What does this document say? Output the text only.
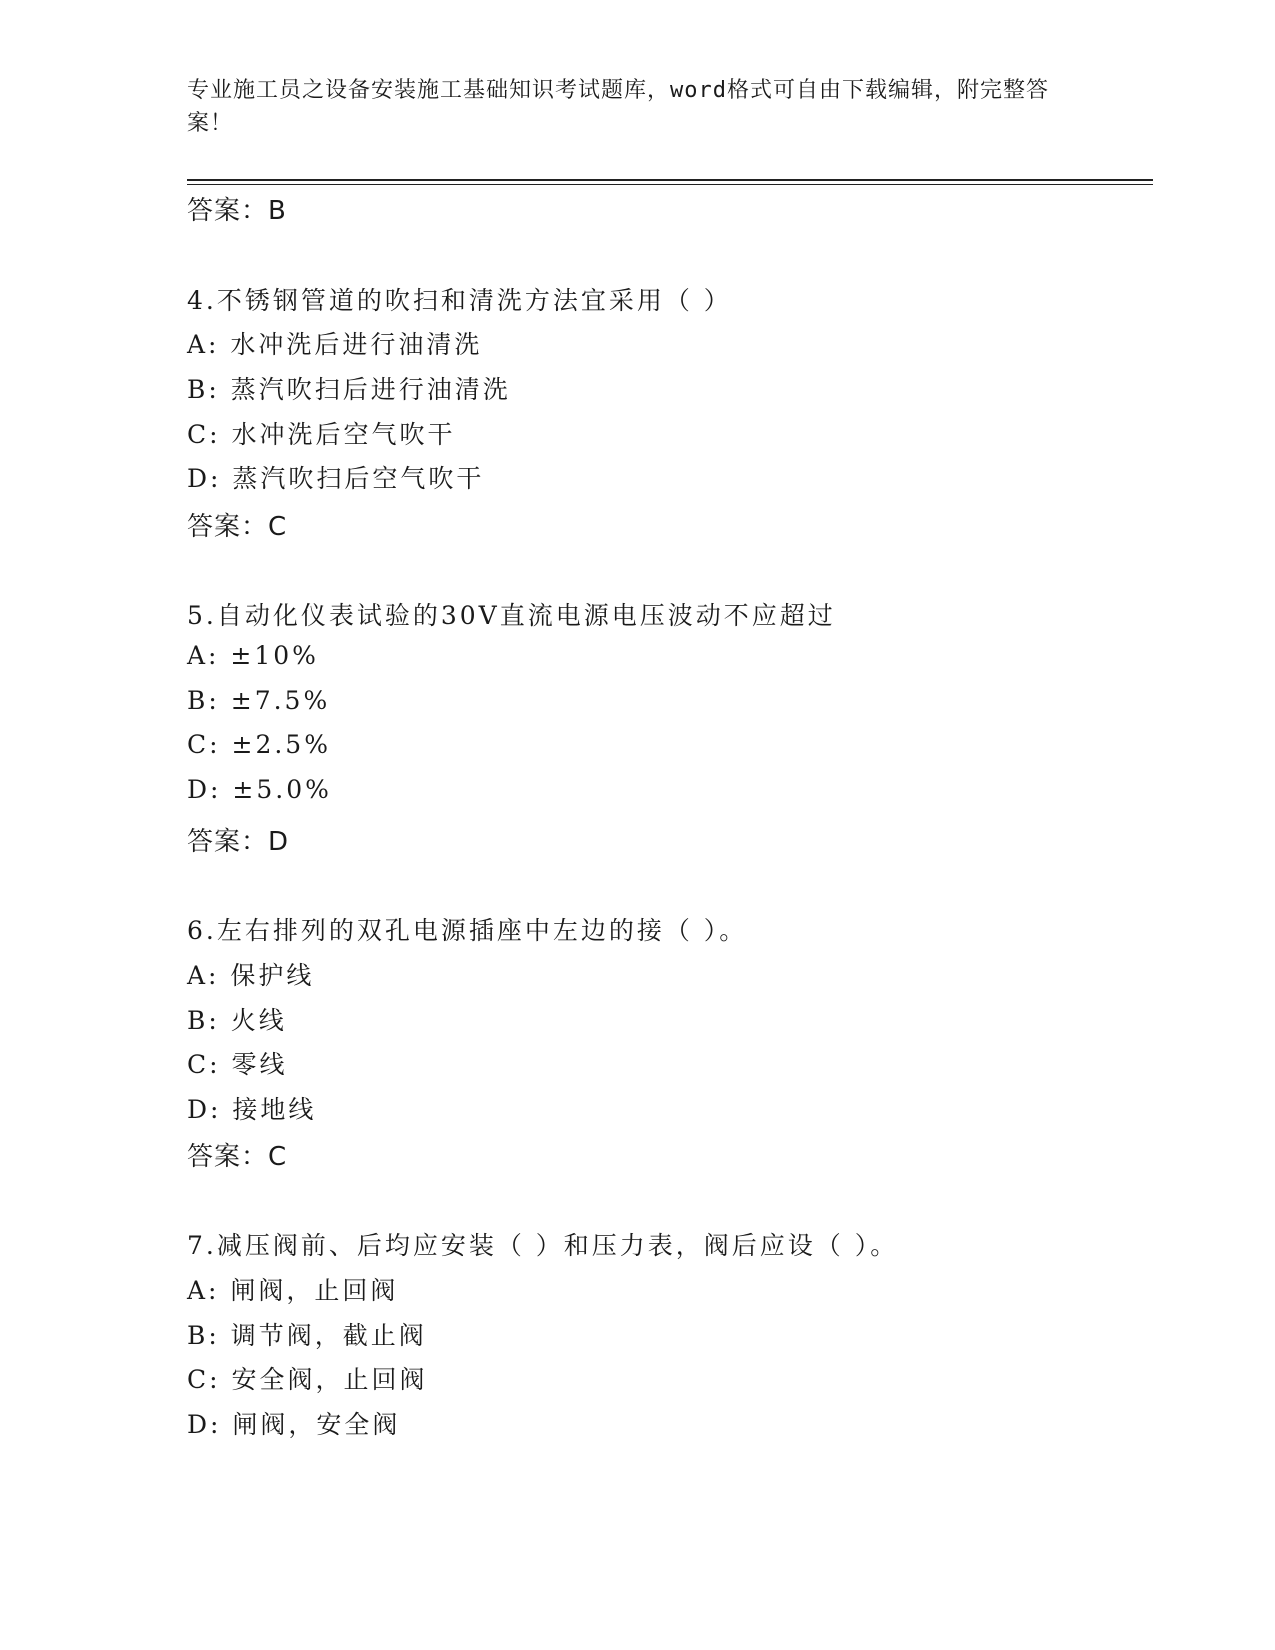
专业施工员之设备安装施工基础知识考试题库，word格式可自由下载编辑，附完整答案！
答案：B
4.不锈钢管道的吹扫和清洗方法宜采用（ ）
A: 水冲洗后进行油清洗
B: 蒸汽吹扫后进行油清洗
C: 水冲洗后空气吹干
D: 蒸汽吹扫后空气吹干
答案：C
5.自动化仪表试验的30V直流电源电压波动不应超过
A: ±10%
B: ±7.5%
C: ±2.5%
D: ±5.0%
答案：D
6.左右排列的双孔电源插座中左边的接（ ）。
A: 保护线
B: 火线
C: 零线
D: 接地线
答案：C
7.减压阀前、后均应安装（ ）和压力表，阀后应设（ ）。
A: 闸阀，止回阀
B: 调节阀，截止阀
C: 安全阀，止回阀
D: 闸阀，安全阀
